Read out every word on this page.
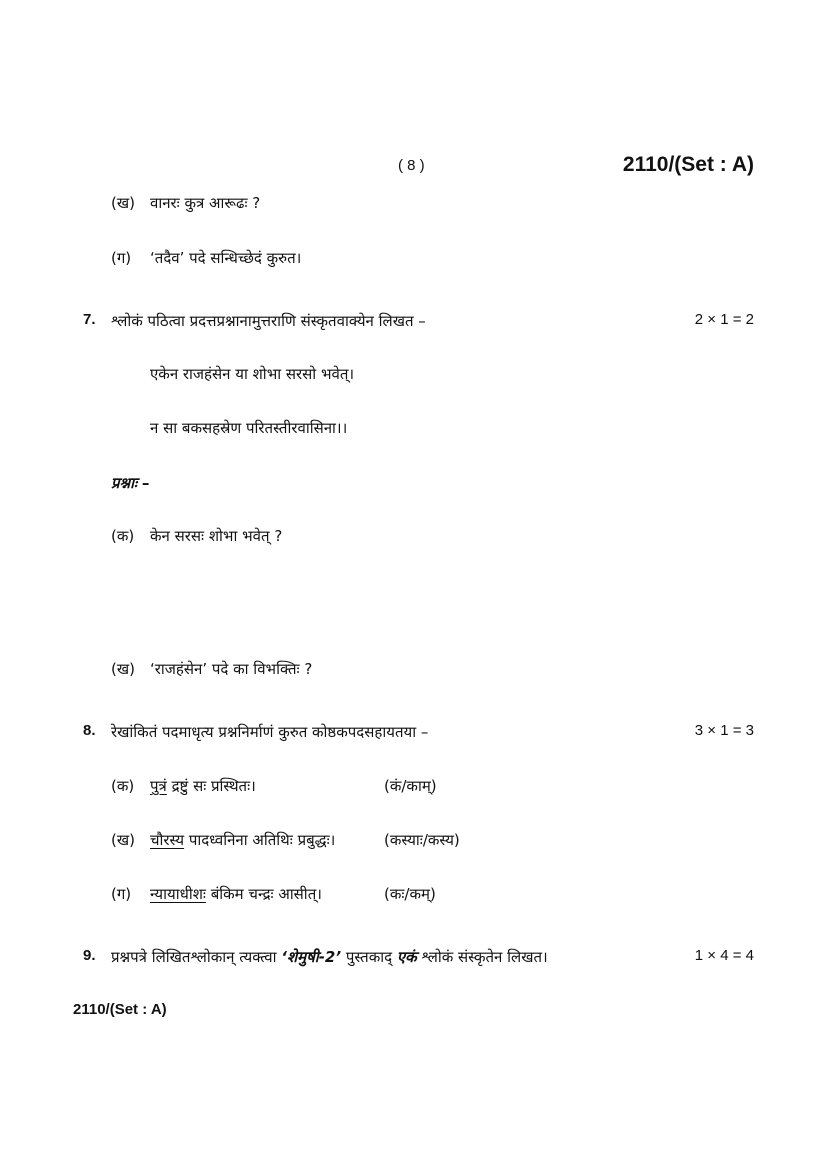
( 8 )	2110/(Set : A)
(ख) वानरः कुत्र आरूढः ?
(ग) ‘तदैव’ पदे सन्धिच्छेदं कुरुत।
7. श्लोकं पठित्वा प्रदत्तप्रश्नानामुत्तराणि संस्कृतवाक्येन लिखत –	2 × 1 = 2
एकेन राजहंसेन या शोभा सरसो भवेत्।
न सा बकसहस्रेण परितस्तीरवासिना।।
प्रश्नाः –
(क) केन सरसः शोभा भवेत् ?
(ख) ‘राजहंसेन’ पदे का विभक्तिः ?
8. रेखांकितं पदमाधृत्य प्रश्ननिर्माणं कुरुत कोष्ठकपदसहायतया –	3 × 1 = 3
(क) पुत्रं द्रष्टुं सः प्रस्थितः।	(कं/काम्)
(ख) चौरस्य पादध्वनिना अतिथिः प्रबुद्धः।	(कस्याः/कस्य)
(ग) न्यायाधीशः बंकिम चन्द्रः आसीत्।	(कः/कम्)
9. प्रश्नपत्रे लिखितश्लोकान् त्यक्त्वा ‘शेमुषी-2’ पुस्तकाद् एकं श्लोकं संस्कृतेन लिखत।	1 × 4 = 4
2110/(Set : A)
